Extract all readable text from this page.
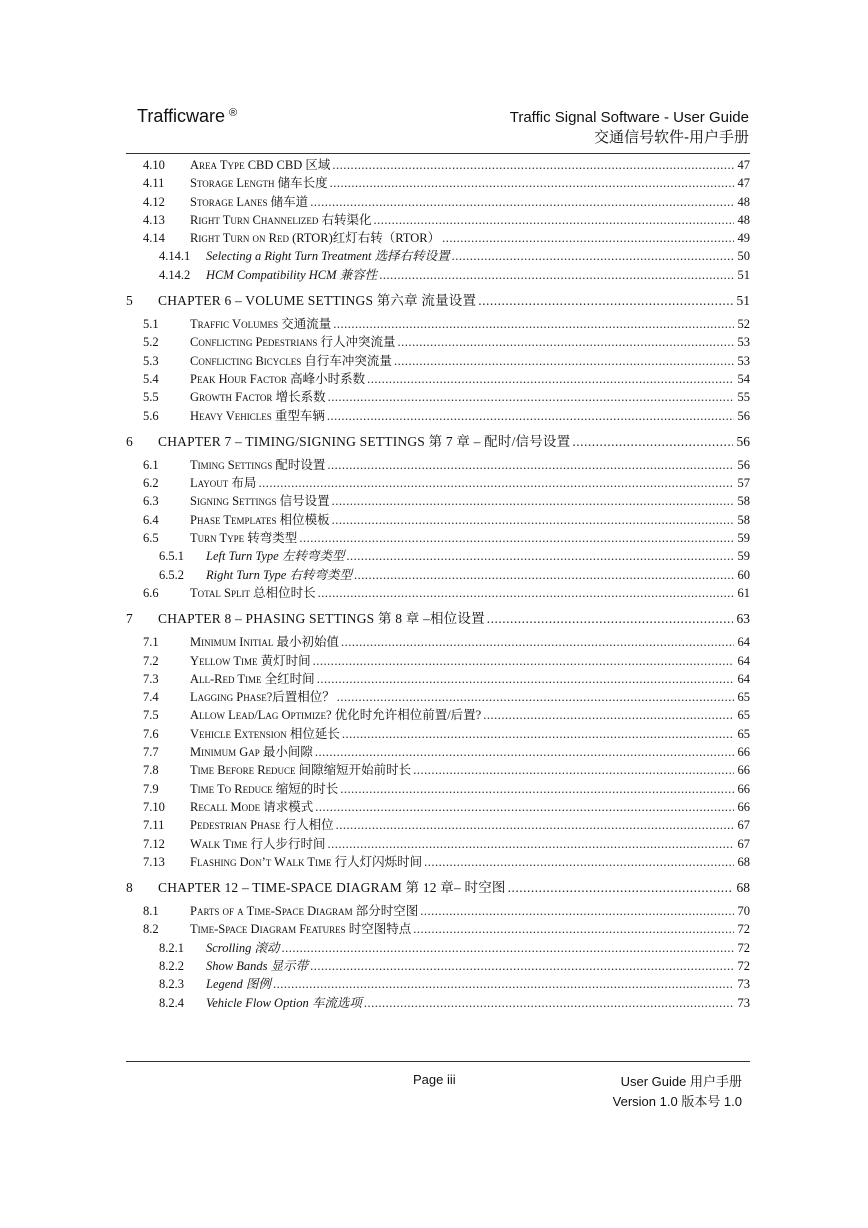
Trafficware ®	Traffic Signal Software - User Guide
交通信号软件-用户手册
4.10	Area Type CBD CBD 区域 .....	47
4.11	Storage Length 储车长度 .....	47
4.12	Storage Lanes 储车道 .....	48
4.13	Right Turn Channelized 右转渠化 .....	48
4.14	Right Turn on Red (RTOR)红灯右转（RTOR） .....	49
4.14.1	Selecting a Right Turn Treatment 选择右转设置 .....	50
4.14.2	HCM Compatibility HCM 兼容性 .....	51
5	CHAPTER 6 – VOLUME SETTINGS 第六章 流量设置 .....	51
5.1	Traffic Volumes 交通流量 .....	52
5.2	Conflicting Pedestrians 行人冲突流量 .....	53
5.3	Conflicting Bicycles 自行车冲突流量 .....	53
5.4	Peak Hour Factor 高峰小时系数 .....	54
5.5	Growth Factor 增长系数 .....	55
5.6	Heavy Vehicles 重型车辆 .....	56
6	CHAPTER 7 – TIMING/SIGNING SETTINGS 第 7 章 – 配时/信号设置 .....	56
6.1	Timing Settings 配时设置 .....	56
6.2	Layout 布局 .....	57
6.3	Signing Settings 信号设置 .....	58
6.4	Phase Templates 相位模板 .....	58
6.5	Turn Type 转弯类型 .....	59
6.5.1	Left Turn Type 左转弯类型 .....	59
6.5.2	Right Turn Type 右转弯类型 .....	60
6.6	Total Split 总相位时长 .....	61
7	CHAPTER 8 – PHASING SETTINGS 第 8 章 –相位设置 .....	63
7.1	Minimum Initial 最小初始值 .....	64
7.2	Yellow Time 黄灯时间 .....	64
7.3	All-Red Time 全红时间 .....	64
7.4	Lagging Phase?后置相位？ .....	65
7.5	Allow Lead/Lag Optimize? 优化时允许相位前置/后置? .....	65
7.6	Vehicle Extension 相位延长 .....	65
7.7	Minimum Gap 最小间隙 .....	66
7.8	Time Before Reduce 间隙缩短开始前时长 .....	66
7.9	Time To Reduce 缩短的时长 .....	66
7.10	Recall Mode 请求模式 .....	66
7.11	Pedestrian Phase 行人相位 .....	67
7.12	Walk Time 行人步行时间 .....	67
7.13	Flashing Don’t Walk Time 行人灯闪烁时间 .....	68
8	CHAPTER 12 – TIME-SPACE DIAGRAM 第 12 章– 时空图 .....	68
8.1	Parts of a Time-Space Diagram 部分时空图 .....	70
8.2	Time-Space Diagram Features 时空图特点 .....	72
8.2.1	Scrolling 滚动 .....	72
8.2.2	Show Bands 显示带 .....	72
8.2.3	Legend 图例 .....	73
8.2.4	Vehicle Flow Option 车流选项 .....	73
Page iii	User Guide 用户手册
Version 1.0 版本号 1.0
